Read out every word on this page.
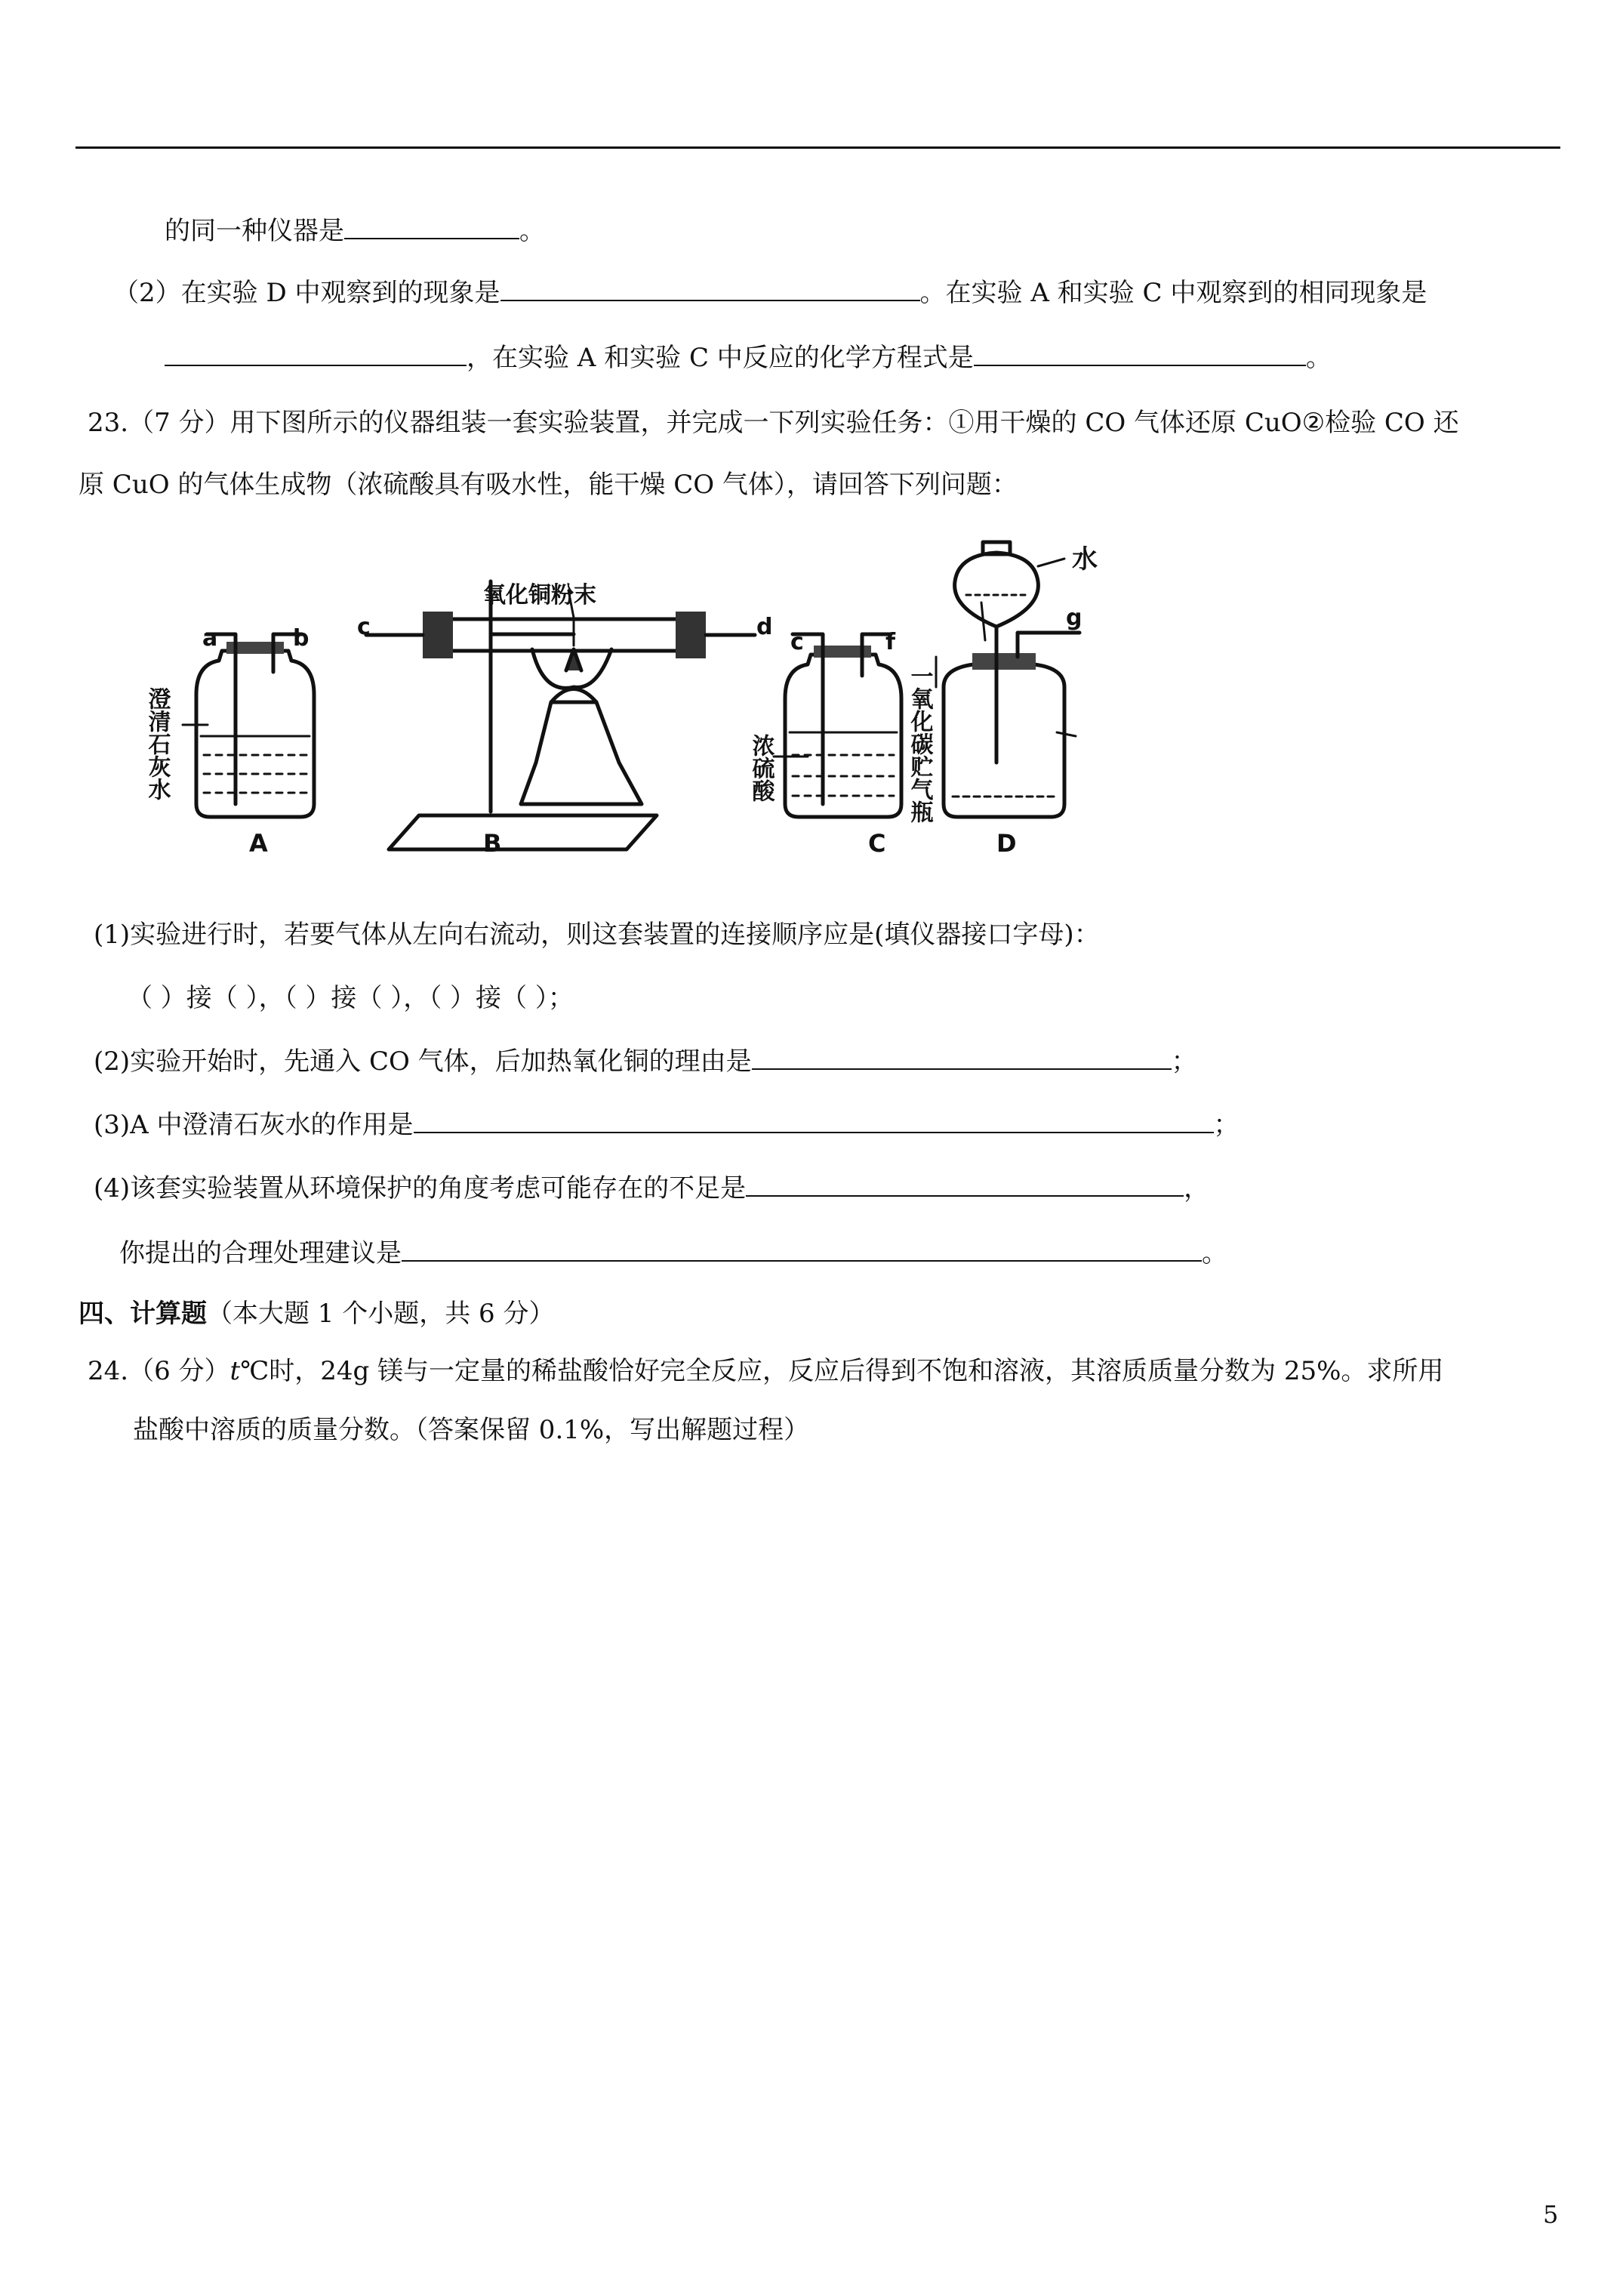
的同一种仪器是	。
（2）在实验 D 中观察到的现象是	。在实验 A 和实验 C 中观察到的相同现象是
，在实验 A 和实验 C 中反应的化学方程式是	。
23.（7 分）用下图所示的仪器组装一套实验装置，并完成一下列实验任务：①用干燥的 CO 气体还原 CuO②检验 CO 还
原 CuO 的气体生成物（浓硫酸具有吸水性，能干燥 CO 气体），请回答下列问题：
a	b c	d
c	f
g
水
氧化铜粉末
澄清石灰水	浓硫酸	一氧化碳贮气瓶
A	B	C	D
(1)实验进行时，若要气体从左向右流动，则这套装置的连接顺序应是(填仪器接口字母)：
（ ）接（ ），（ ）接（ ），（ ）接（ ）；
(2)实验开始时，先通入 CO 气体，后加热氧化铜的理由是	；
(3)A 中澄清石灰水的作用是	；
(4)该套实验装置从环境保护的角度考虑可能存在的不足是	，
你提出的合理处理建议是	。
四、计算题（本大题 1 个小题，共 6 分）
24.（6 分）t℃时，24g 镁与一定量的稀盐酸恰好完全反应，反应后得到不饱和溶液，其溶质质量分数为 25%。求所用
盐酸中溶质的质量分数。（答案保留 0.1%，写出解题过程）
5
